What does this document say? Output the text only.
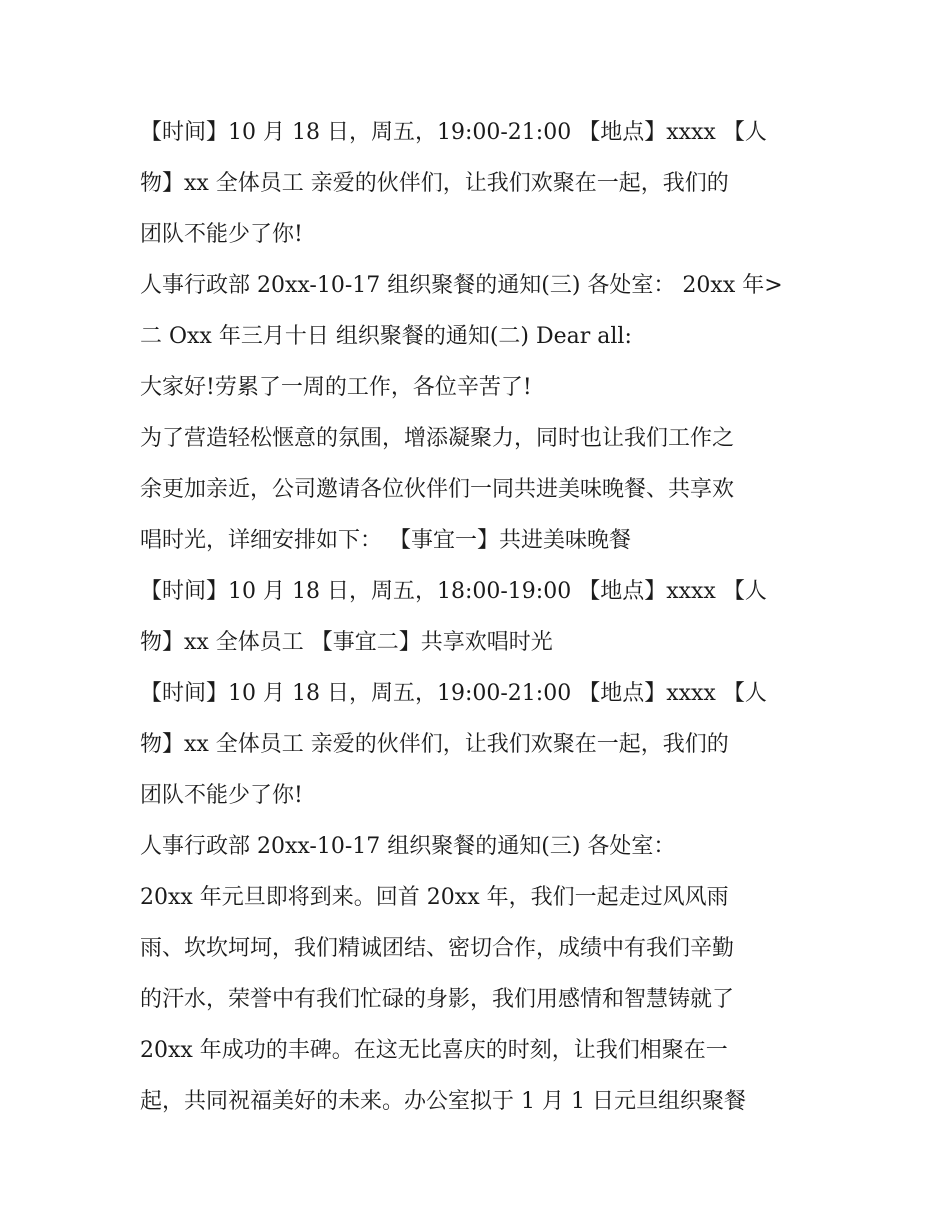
【时间】10 月 18 日，周五，19:00-21:00 【地点】xxxx 【人
物】xx 全体员工 亲爱的伙伴们，让我们欢聚在一起，我们的
团队不能少了你!
人事行政部 20xx-10-17 组织聚餐的通知(三) 各处室： 20xx 年>
二 Oxx 年三月十日 组织聚餐的通知(二) Dear all:
大家好!劳累了一周的工作，各位辛苦了!
为了营造轻松惬意的氛围，增添凝聚力，同时也让我们工作之
余更加亲近，公司邀请各位伙伴们一同共进美味晚餐、共享欢
唱时光，详细安排如下： 【事宜一】共进美味晚餐
【时间】10 月 18 日，周五，18:00-19:00 【地点】xxxx 【人
物】xx 全体员工 【事宜二】共享欢唱时光
【时间】10 月 18 日，周五，19:00-21:00 【地点】xxxx 【人
物】xx 全体员工 亲爱的伙伴们，让我们欢聚在一起，我们的
团队不能少了你!
人事行政部 20xx-10-17 组织聚餐的通知(三) 各处室：
20xx 年元旦即将到来。回首 20xx 年，我们一起走过风风雨
雨、坎坎坷坷，我们精诚团结、密切合作，成绩中有我们辛勤
的汗水，荣誉中有我们忙碌的身影，我们用感情和智慧铸就了
20xx 年成功的丰碑。在这无比喜庆的时刻，让我们相聚在一
起，共同祝福美好的未来。办公室拟于 1 月 1 日元旦组织聚餐
